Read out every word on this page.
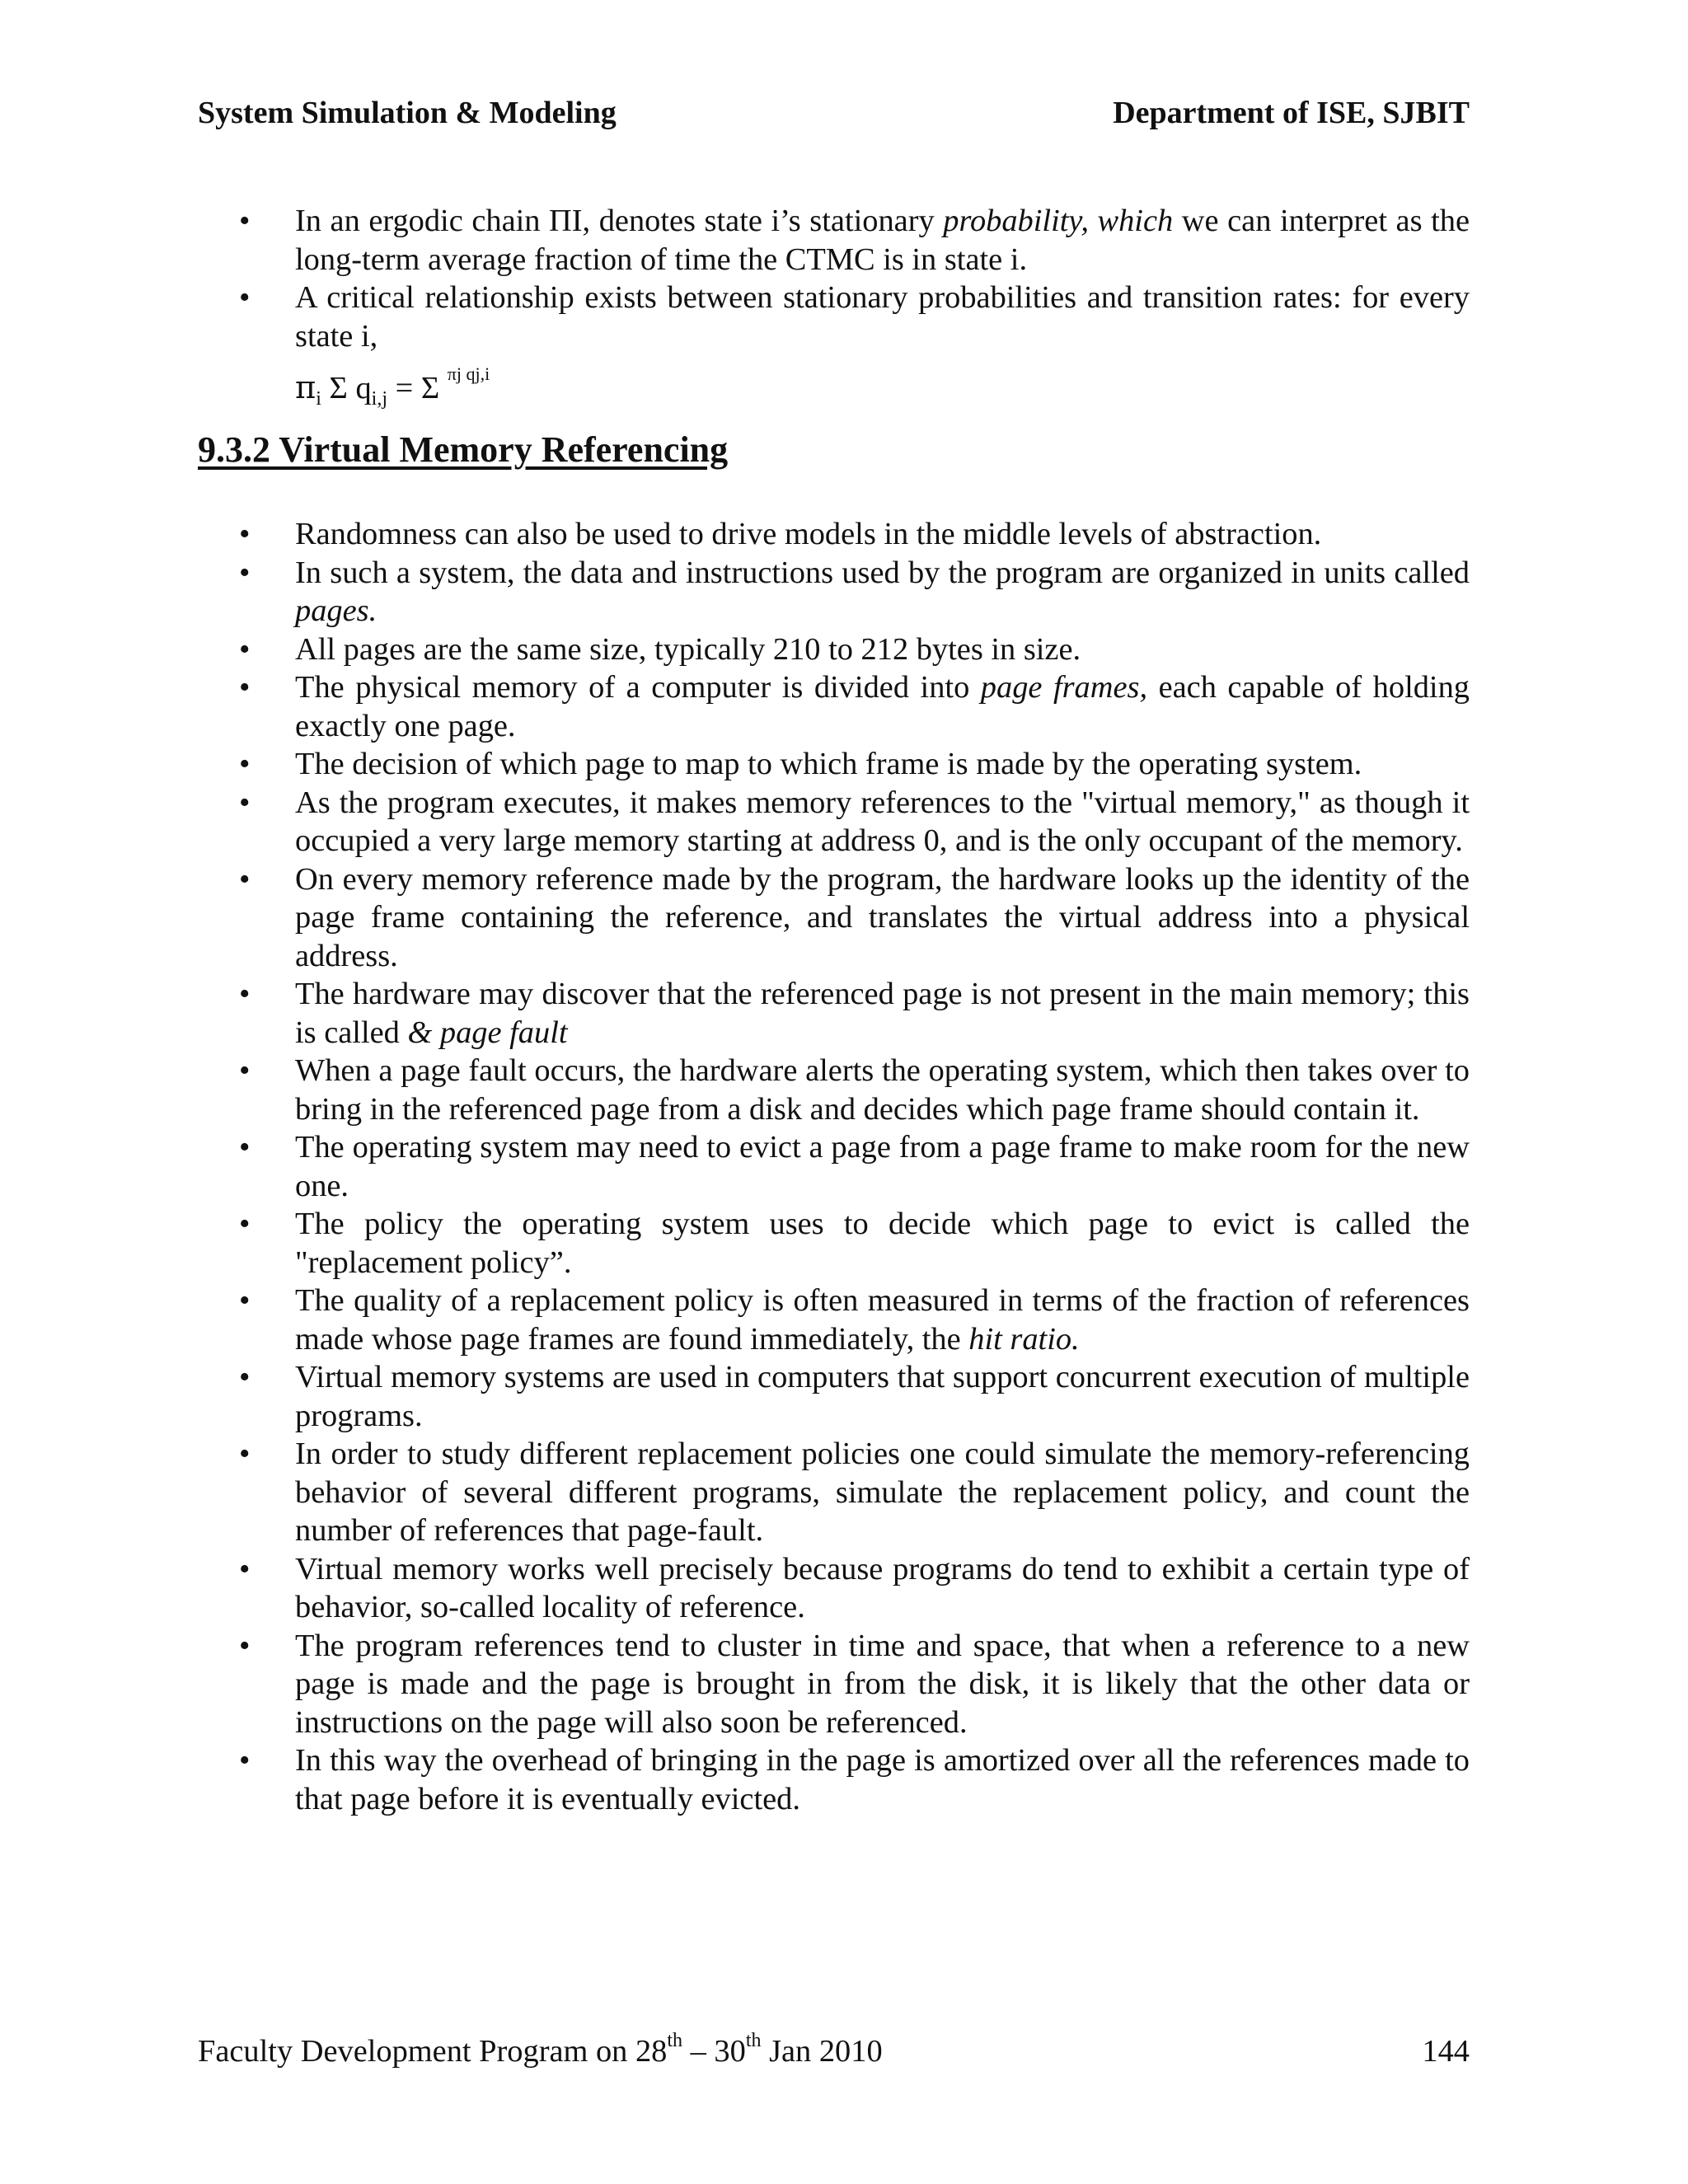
System Simulation & Modeling	Department of ISE, SJBIT
• In an ergodic chain ΠI, denotes state i’s stationary probability, which we can interpret as the long-term average fraction of time the CTMC is in state i.
• A critical relationship exists between stationary probabilities and transition rates: for every state i,
$\pi_i$ Σ $q_{i,j} = \Sigma$ $^{\pi j qj,i}$
9.3.2 Virtual Memory Referencing
• Randomness can also be used to drive models in the middle levels of abstraction.
• In such a system, the data and instructions used by the program are organized in units called pages.
• All pages are the same size, typically 210 to 212 bytes in size.
• The physical memory of a computer is divided into page frames, each capable of holding exactly one page.
• The decision of which page to map to which frame is made by the operating system.
• As the program executes, it makes memory references to the "virtual memory," as though it occupied a very large memory starting at address 0, and is the only occupant of the memory.
• On every memory reference made by the program, the hardware looks up the identity of the page frame containing the reference, and translates the virtual address into a physical address.
• The hardware may discover that the referenced page is not present in the main memory; this is called & page fault
• When a page fault occurs, the hardware alerts the operating system, which then takes over to bring in the referenced page from a disk and decides which page frame should contain it.
• The operating system may need to evict a page from a page frame to make room for the new one.
• The policy the operating system uses to decide which page to evict is called the "replacement policy”.
• The quality of a replacement policy is often measured in terms of the fraction of references made whose page frames are found immediately, the hit ratio.
• Virtual memory systems are used in computers that support concurrent execution of multiple programs.
• In order to study different replacement policies one could simulate the memory-referencing behavior of several different programs, simulate the replacement policy, and count the number of references that page-fault.
• Virtual memory works well precisely because programs do tend to exhibit a certain type of behavior, so-called locality of reference.
• The program references tend to cluster in time and space, that when a reference to a new page is made and the page is brought in from the disk, it is likely that the other data or instructions on the page will also soon be referenced.
• In this way the overhead of bringing in the page is amortized over all the references made to that page before it is eventually evicted.
Faculty Development Program on 28th – 30th Jan 2010	144
